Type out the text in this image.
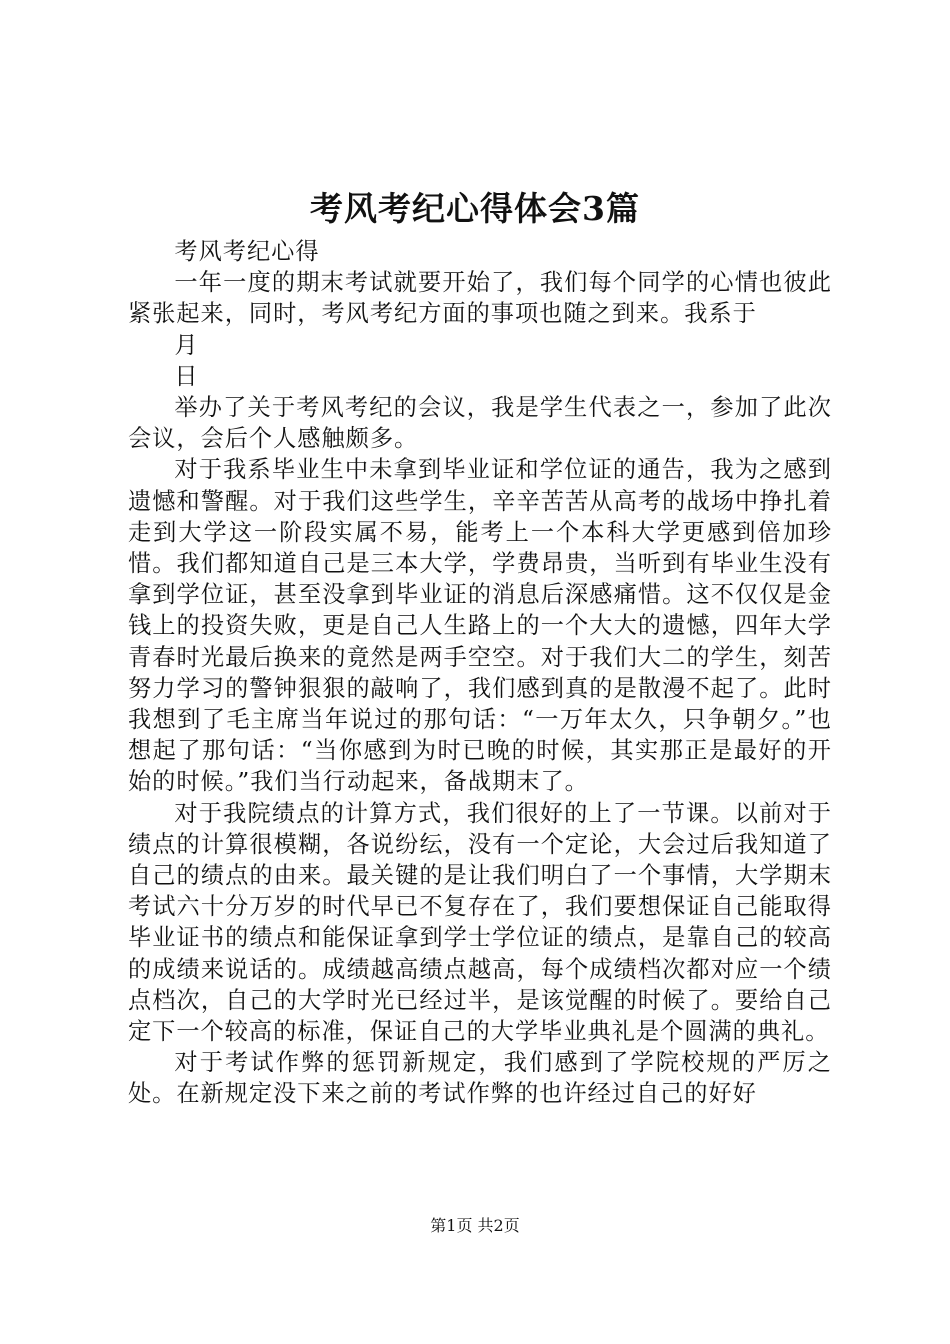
考风考纪心得体会3篇

考风考纪心得

一年一度的期末考试就要开始了，我们每个同学的心情也彼此紧张起来，同时，考风考纪方面的事项也随之到来。我系于

月

日

举办了关于考风考纪的会议，我是学生代表之一，参加了此次会议，会后个人感触颇多。

对于我系毕业生中未拿到毕业证和学位证的通告，我为之感到遗憾和警醒。对于我们这些学生，辛辛苦苦从高考的战场中挣扎着走到大学这一阶段实属不易，能考上一个本科大学更感到倍加珍惜。我们都知道自己是三本大学，学费昂贵，当听到有毕业生没有拿到学位证，甚至没拿到毕业证的消息后深感痛惜。这不仅仅是金钱上的投资失败，更是自己人生路上的一个大大的遗憾，四年大学青春时光最后换来的竟然是两手空空。对于我们大二的学生，刻苦努力学习的警钟狠狠的敲响了，我们感到真的是散漫不起了。此时我想到了毛主席当年说过的那句话：“一万年太久，只争朝夕。”也想起了那句话：“当你感到为时已晚的时候，其实那正是最好的开始的时候。”我们当行动起来，备战期末了。

对于我院绩点的计算方式，我们很好的上了一节课。以前对于绩点的计算很模糊，各说纷纭，没有一个定论，大会过后我知道了自己的绩点的由来。最关键的是让我们明白了一个事情，大学期末考试六十分万岁的时代早已不复存在了，我们要想保证自己能取得毕业证书的绩点和能保证拿到学士学位证的绩点，是靠自己的较高的成绩来说话的。成绩越高绩点越高，每个成绩档次都对应一个绩点档次，自己的大学时光已经过半，是该觉醒的时候了。要给自己定下一个较高的标准，保证自己的大学毕业典礼是个圆满的典礼。

对于考试作弊的惩罚新规定，我们感到了学院校规的严厉之处。在新规定没下来之前的考试作弊的也许经过自己的好好

第1页 共2页
